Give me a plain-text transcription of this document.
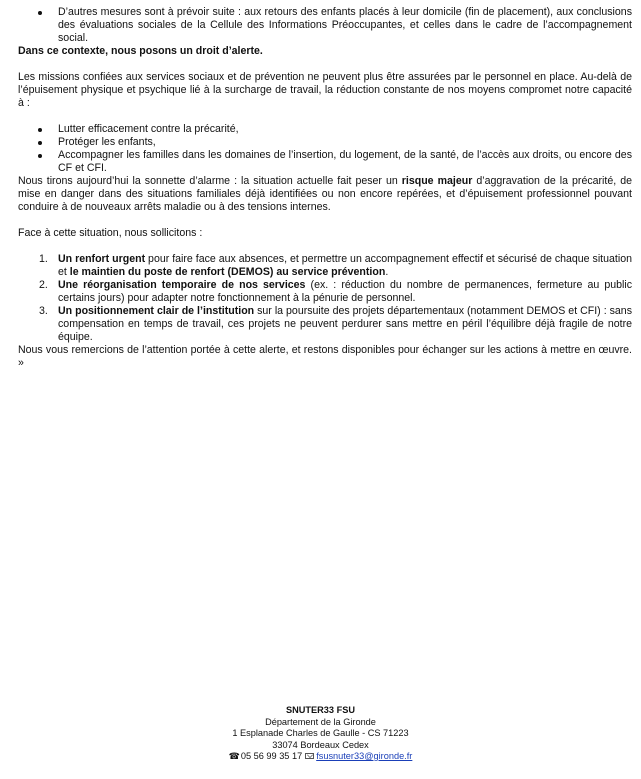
D’autres mesures sont à prévoir suite : aux retours des enfants placés à leur domicile (fin de placement), aux conclusions des évaluations sociales de la Cellule des Informations Préoccupantes, et celles dans le cadre de l’accompagnement social.

Dans ce contexte, nous posons un droit d’alerte.

Les missions confiées aux services sociaux et de prévention ne peuvent plus être assurées par le personnel en place. Au-delà de l’épuisement physique et psychique lié à la surcharge de travail, la réduction constante de nos moyens compromet notre capacité à :

Lutter efficacement contre la précarité,
Protéger les enfants,
Accompagner les familles dans les domaines de l’insertion, du logement, de la santé, de l’accès aux droits, ou encore des CF et CFI.

Nous tirons aujourd’hui la sonnette d’alarme : la situation actuelle fait peser un risque majeur d’aggravation de la précarité, de mise en danger dans des situations familiales déjà identifiées ou non encore repérées, et d’épuisement professionnel pouvant conduire à de nouveaux arrêts maladie ou à des tensions internes.

Face à cette situation, nous sollicitons :

1. Un renfort urgent pour faire face aux absences, et permettre un accompagnement effectif et sécurisé de chaque situation et le maintien du poste de renfort (DEMOS) au service prévention.
2. Une réorganisation temporaire de nos services (ex. : réduction du nombre de permanences, fermeture au public certains jours) pour adapter notre fonctionnement à la pénurie de personnel.
3. Un positionnement clair de l’institution sur la poursuite des projets départementaux (notamment DEMOS et CFI) : sans compensation en temps de travail, ces projets ne peuvent perdurer sans mettre en péril l’équilibre déjà fragile de notre équipe.

Nous vous remercions de l’attention portée à cette alerte, et restons disponibles pour échanger sur les actions à mettre en œuvre. »

SNUTER33 FSU
Département de la Gironde
1 Esplanade Charles de Gaulle - CS 71223
33074 Bordeaux Cedex
☎05 56 99 35 17 fsusnuter33@gironde.fr
